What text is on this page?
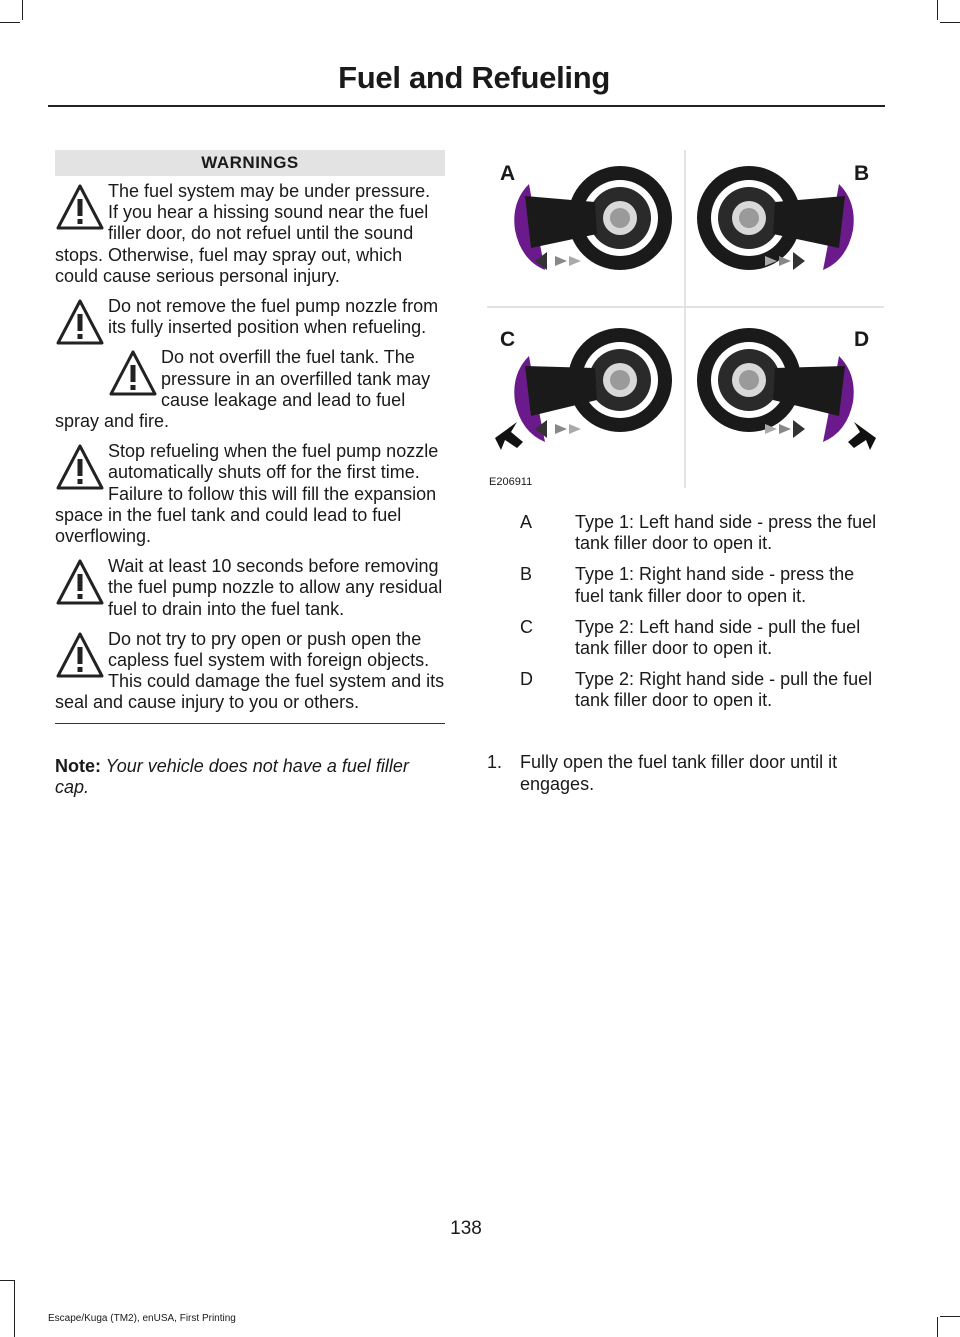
Fuel and Refueling
WARNINGS
The fuel system may be under pressure. If you hear a hissing sound near the fuel filler door, do not refuel until the sound stops. Otherwise, fuel may spray out, which could cause serious personal injury.
Do not remove the fuel pump nozzle from its fully inserted position when refueling.
Do not overfill the fuel tank. The pressure in an overfilled tank may cause leakage and lead to fuel spray and fire.
Stop refueling when the fuel pump nozzle automatically shuts off for the first time. Failure to follow this will fill the expansion space in the fuel tank and could lead to fuel overflowing.
Wait at least 10 seconds before removing the fuel pump nozzle to allow any residual fuel to drain into the fuel tank.
Do not try to pry open or push open the capless fuel system with foreign objects. This could damage the fuel system and its seal and cause injury to you or others.
Note: Your vehicle does not have a fuel filler cap.
A	B
C	D
E206911
A	Type 1: Left hand side - press the fuel tank filler door to open it.
B	Type 1: Right hand side - press the fuel tank filler door to open it.
C	Type 2: Left hand side - pull the fuel tank filler door to open it.
D	Type 2: Right hand side - pull the fuel tank filler door to open it.
1. Fully open the fuel tank filler door until it engages.
138
Escape/Kuga (TM2), enUSA, First Printing
